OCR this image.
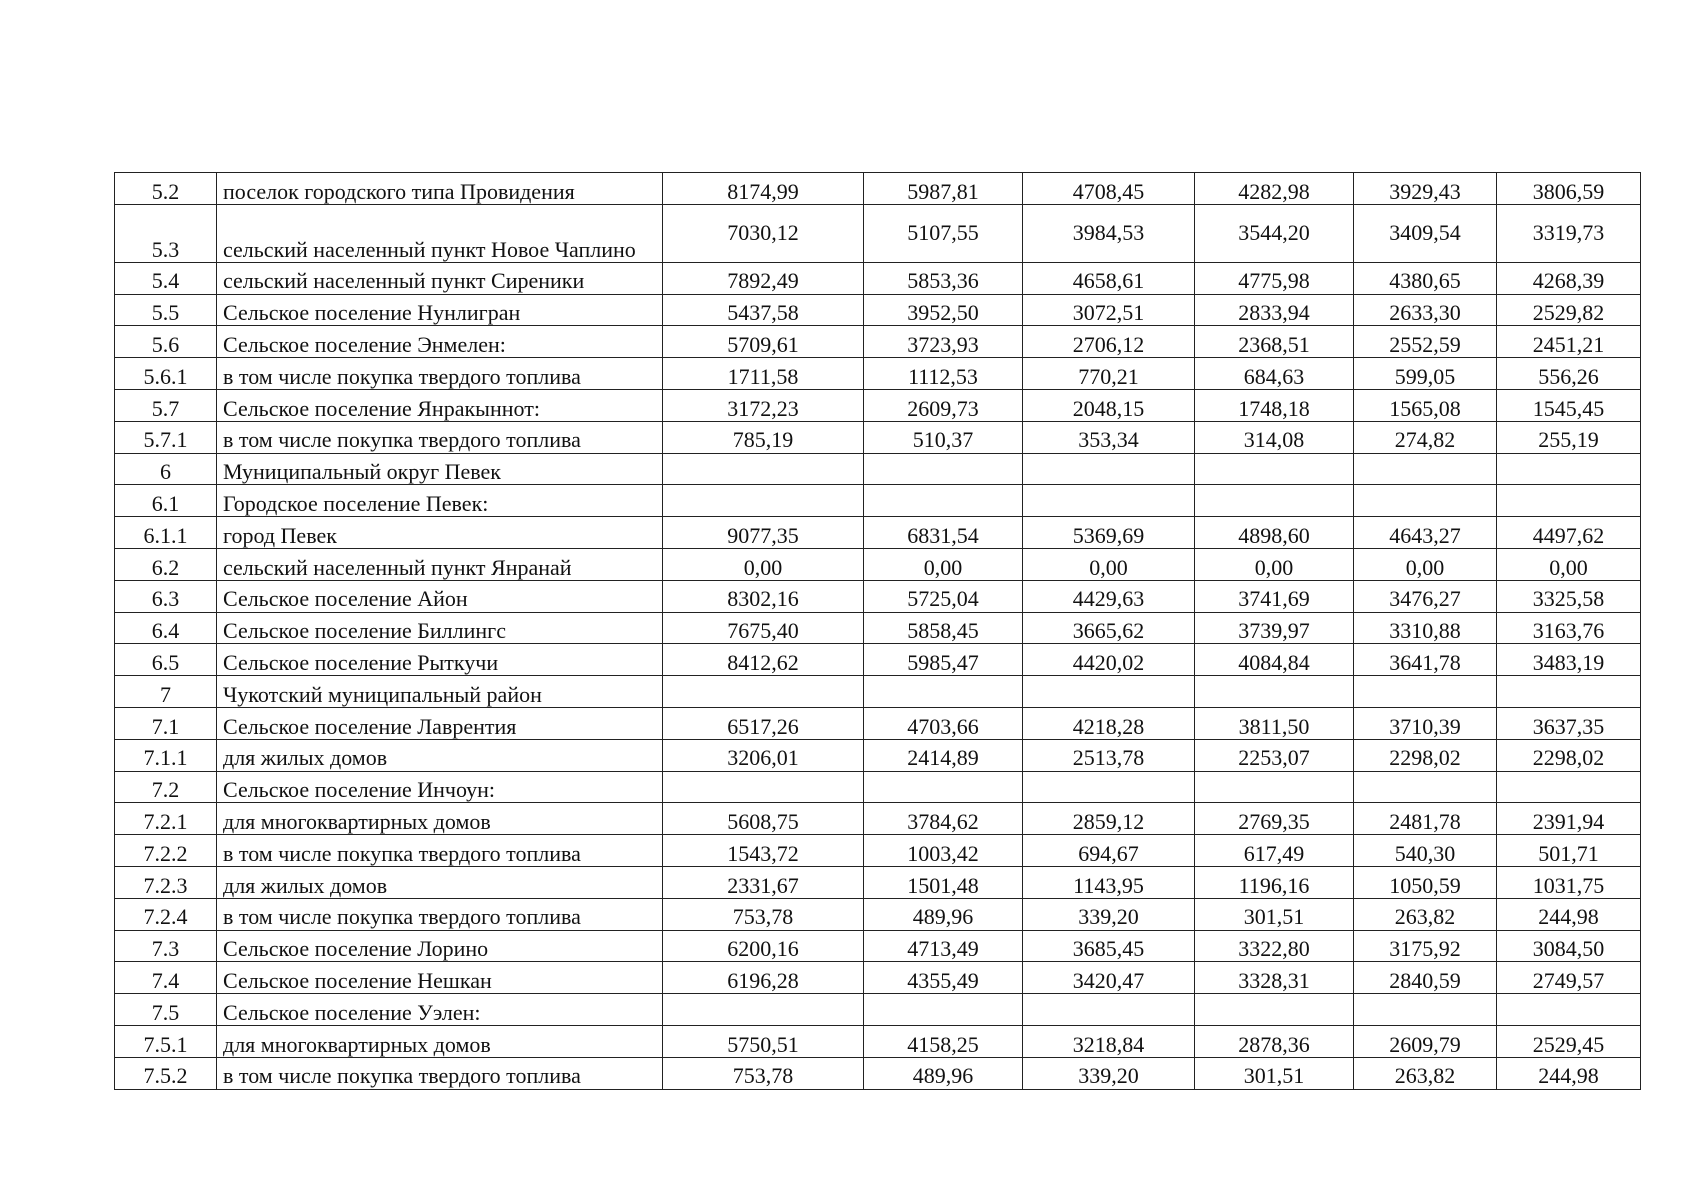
5.2	поселок городского типа Провидения	8174,99	5987,81	4708,45	4282,98	3929,43	3806,59
5.3	сельский населенный пункт Новое Чаплино	7030,12	5107,55	3984,53	3544,20	3409,54	3319,73
5.4	сельский населенный пункт Сиреники	7892,49	5853,36	4658,61	4775,98	4380,65	4268,39
5.5	Сельское поселение Нунлигран	5437,58	3952,50	3072,51	2833,94	2633,30	2529,82
5.6	Сельское поселение Энмелен:	5709,61	3723,93	2706,12	2368,51	2552,59	2451,21
5.6.1	в том числе покупка твердого топлива	1711,58	1112,53	770,21	684,63	599,05	556,26
5.7	Сельское поселение Янракыннот:	3172,23	2609,73	2048,15	1748,18	1565,08	1545,45
5.7.1	в том числе покупка твердого топлива	785,19	510,37	353,34	314,08	274,82	255,19
6	Муниципальный округ Певек						
6.1	Городское поселение Певек:						
6.1.1	город Певек	9077,35	6831,54	5369,69	4898,60	4643,27	4497,62
6.2	сельский населенный пункт Янранай	0,00	0,00	0,00	0,00	0,00	0,00
6.3	Сельское поселение Айон	8302,16	5725,04	4429,63	3741,69	3476,27	3325,58
6.4	Сельское поселение Биллингс	7675,40	5858,45	3665,62	3739,97	3310,88	3163,76
6.5	Сельское поселение Рыткучи	8412,62	5985,47	4420,02	4084,84	3641,78	3483,19
7	Чукотский муниципальный район						
7.1	Сельское поселение Лаврентия	6517,26	4703,66	4218,28	3811,50	3710,39	3637,35
7.1.1	для жилых домов	3206,01	2414,89	2513,78	2253,07	2298,02	2298,02
7.2	Сельское поселение Инчоун:						
7.2.1	для многоквартирных домов	5608,75	3784,62	2859,12	2769,35	2481,78	2391,94
7.2.2	в том числе покупка твердого топлива	1543,72	1003,42	694,67	617,49	540,30	501,71
7.2.3	для жилых домов	2331,67	1501,48	1143,95	1196,16	1050,59	1031,75
7.2.4	в том числе покупка твердого топлива	753,78	489,96	339,20	301,51	263,82	244,98
7.3	Сельское поселение Лорино	6200,16	4713,49	3685,45	3322,80	3175,92	3084,50
7.4	Сельское поселение Нешкан	6196,28	4355,49	3420,47	3328,31	2840,59	2749,57
7.5	Сельское поселение Уэлен:						
7.5.1	для многоквартирных домов	5750,51	4158,25	3218,84	2878,36	2609,79	2529,45
7.5.2	в том числе покупка твердого топлива	753,78	489,96	339,20	301,51	263,82	244,98
